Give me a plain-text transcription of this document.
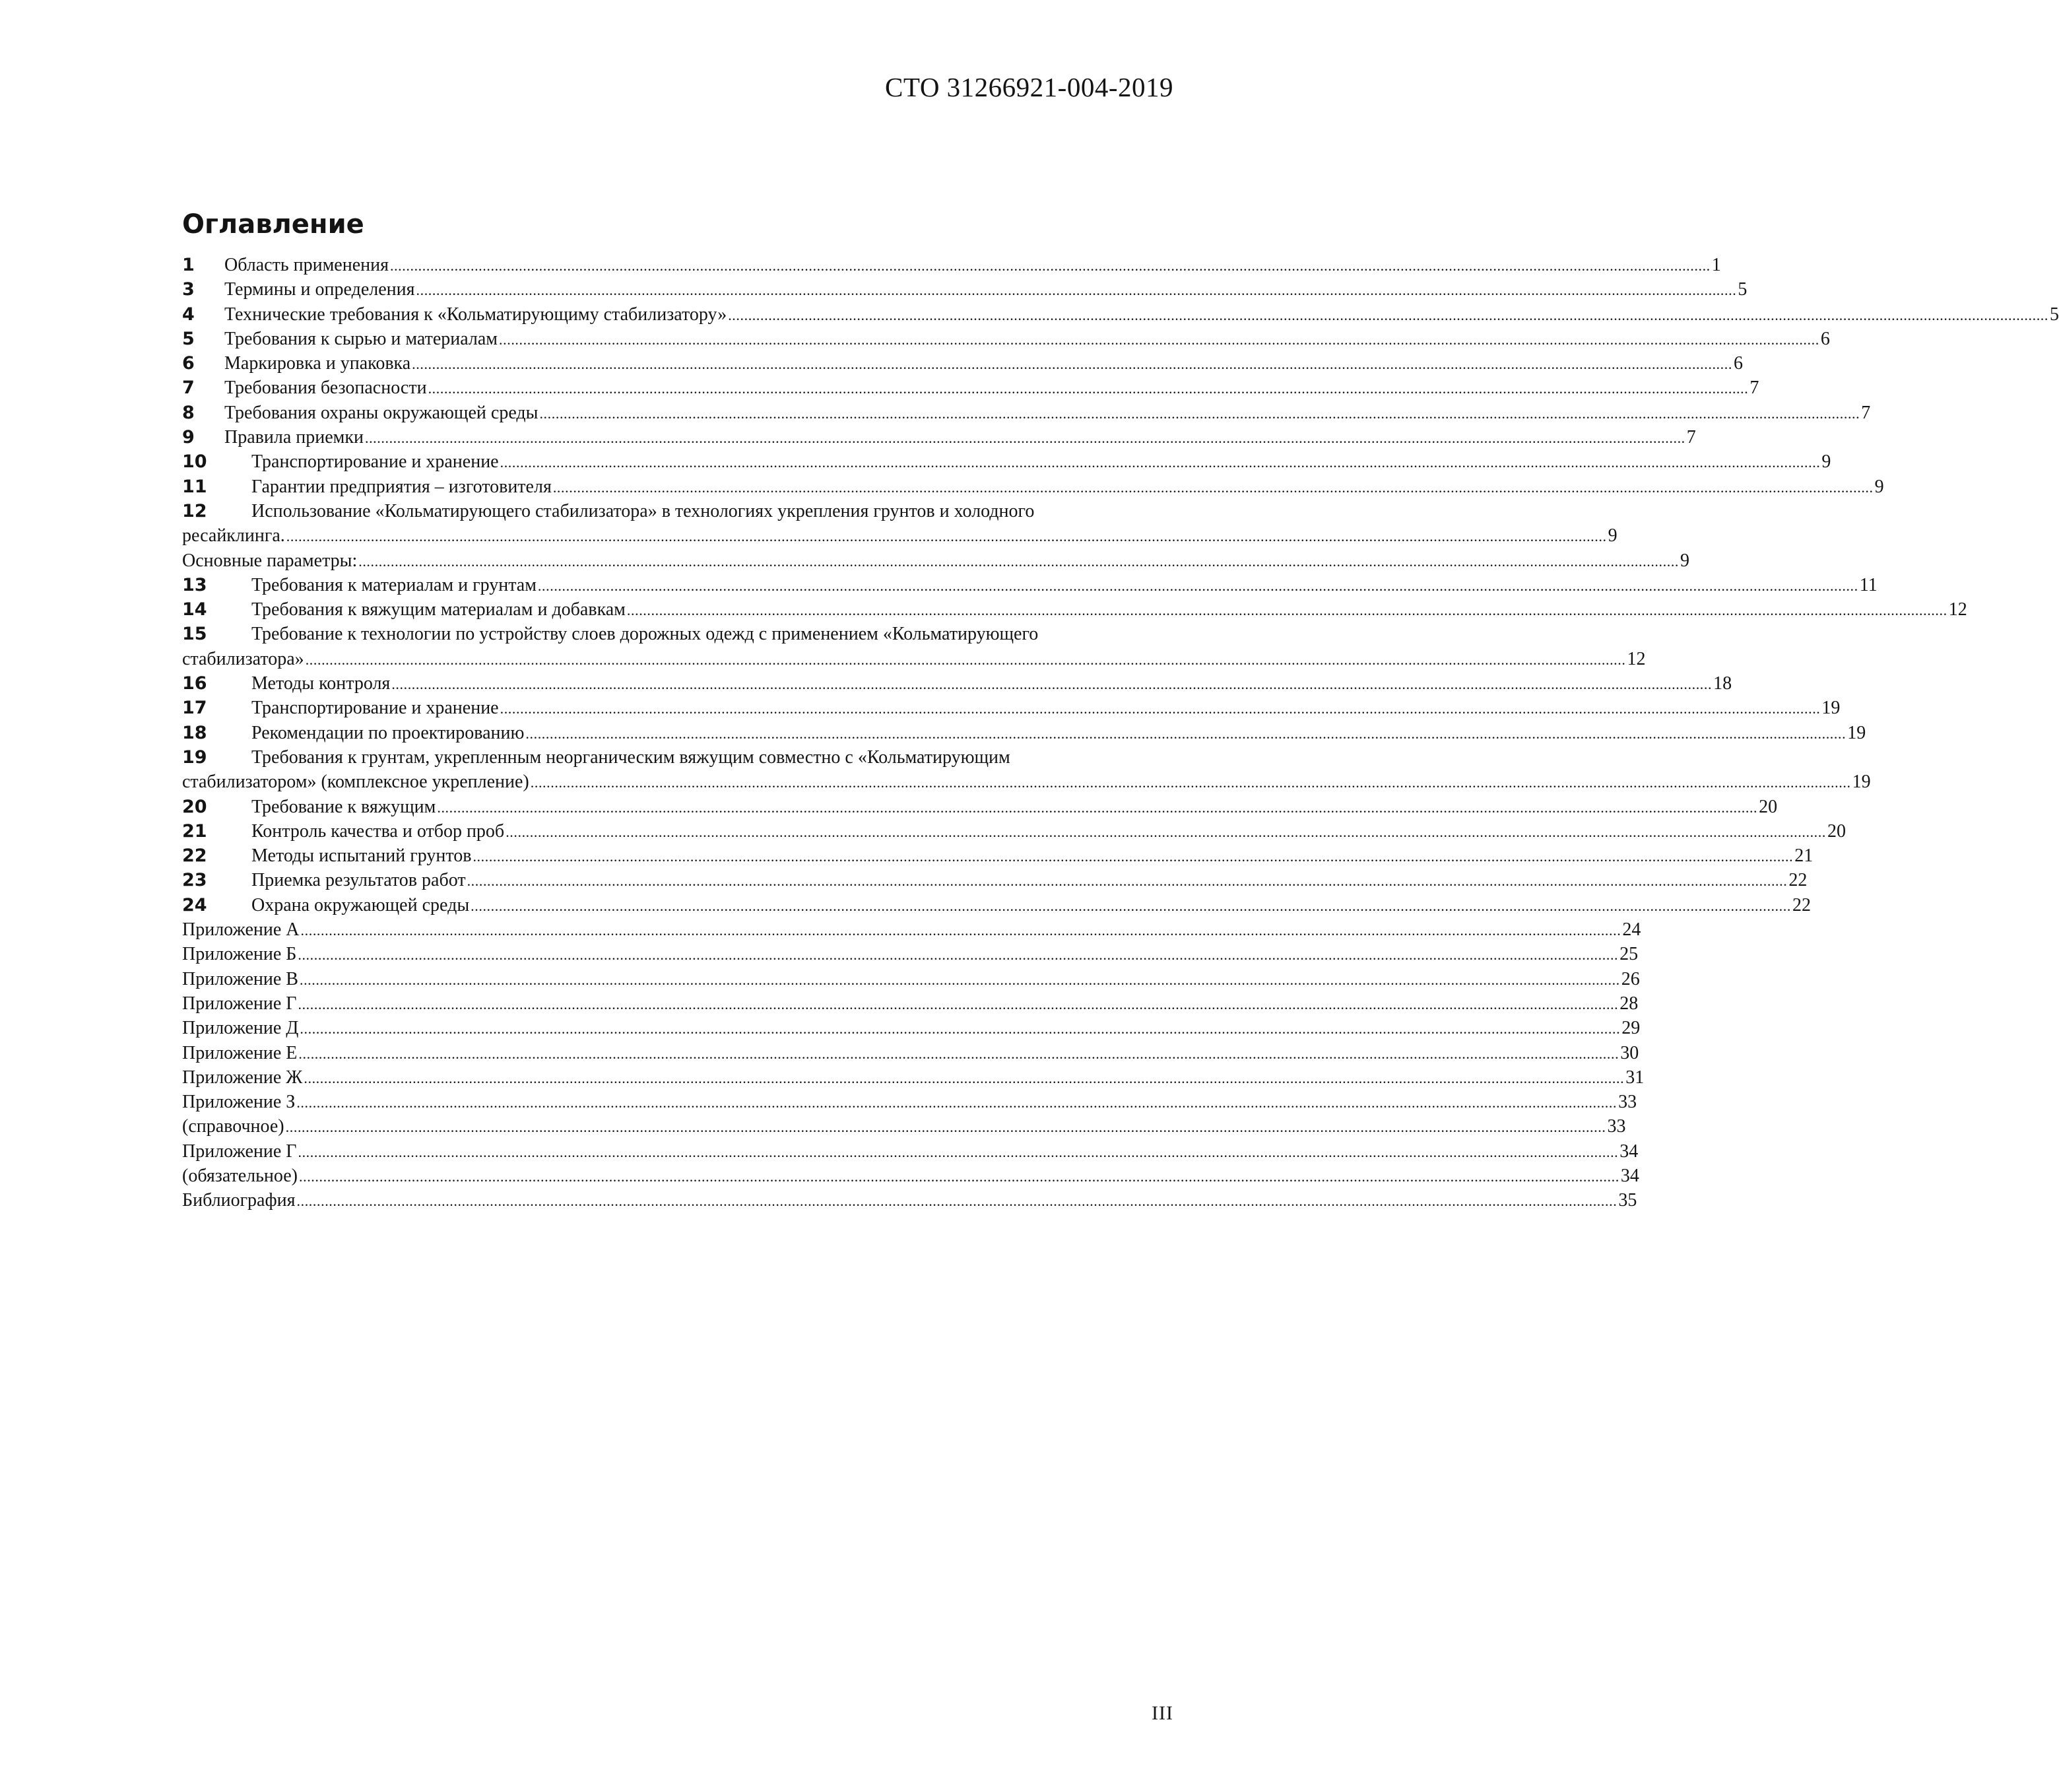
СТО 31266921-004-2019
Оглавление
1	Область применения .....	1
3	Термины и определения .....	5
4	Технические требования к «Кольматирующиму стабилизатору» .....	5
5	Требования к сырью и материалам .....	6
6	Маркировка и упаковка .....	6
7	Требования безопасности .....	7
8	Требования охраны окружающей среды .....	7
9	Правила приемки .....	7
10	Транспортирование и хранение .....	9
11	Гарантии предприятия – изготовителя .....	9
12	Использование «Кольматирующего стабилизатора» в технологиях укрепления грунтов и холодного
ресайклинга. .....	9
Основные параметры: .....	9
13	Требования к материалам и грунтам .....	11
14	Требования к вяжущим материалам и добавкам .....	12
15	Требование к технологии по устройству слоев дорожных одежд с применением «Кольматирующего
стабилизатора» .....	12
16	Методы контроля .....	18
17	Транспортирование и хранение .....	19
18	Рекомендации по проектированию .....	19
19	Требования к грунтам, укрепленным неорганическим вяжущим совместно с «Кольматирующим
стабилизатором» (комплексное укрепление) .....	19
20	Требование к вяжущим .....	20
21	Контроль качества и отбор проб .....	20
22	Методы испытаний грунтов .....	21
23	Приемка результатов работ .....	22
24	Охрана окружающей среды .....	22
Приложение А .....	24
Приложение Б .....	25
Приложение В .....	26
Приложение Г .....	28
Приложение Д .....	29
Приложение Е .....	30
Приложение Ж .....	31
Приложение З .....	33
(справочное) .....	33
Приложение Г .....	34
(обязательное) .....	34
Библиография .....	35
III
